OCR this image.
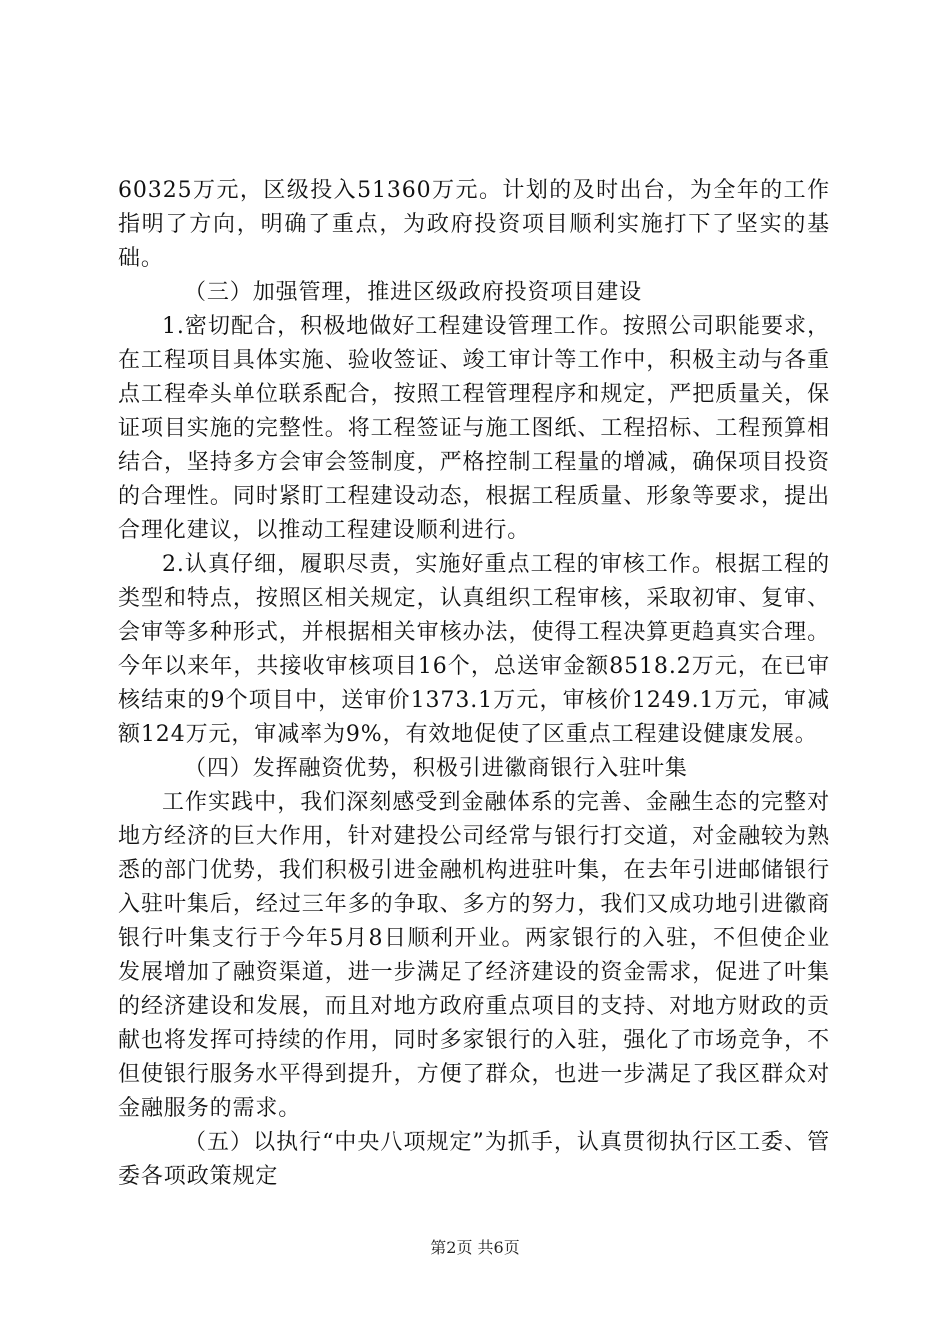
60325万元，区级投入51360万元。计划的及时出台，为全年的工作指明了方向，明确了重点，为政府投资项目顺利实施打下了坚实的基础。

（三）加强管理，推进区级政府投资项目建设

1.密切配合，积极地做好工程建设管理工作。按照公司职能要求，在工程项目具体实施、验收签证、竣工审计等工作中，积极主动与各重点工程牵头单位联系配合，按照工程管理程序和规定，严把质量关，保证项目实施的完整性。将工程签证与施工图纸、工程招标、工程预算相结合，坚持多方会审会签制度，严格控制工程量的增减，确保项目投资的合理性。同时紧盯工程建设动态，根据工程质量、形象等要求，提出合理化建议，以推动工程建设顺利进行。

2.认真仔细，履职尽责，实施好重点工程的审核工作。根据工程的类型和特点，按照区相关规定，认真组织工程审核，采取初审、复审、会审等多种形式，并根据相关审核办法，使得工程决算更趋真实合理。今年以来年，共接收审核项目16个，总送审金额8518.2万元，在已审核结束的9个项目中，送审价1373.1万元，审核价1249.1万元，审减额124万元，审减率为9%，有效地促使了区重点工程建设健康发展。

（四）发挥融资优势，积极引进徽商银行入驻叶集

工作实践中，我们深刻感受到金融体系的完善、金融生态的完整对地方经济的巨大作用，针对建投公司经常与银行打交道，对金融较为熟悉的部门优势，我们积极引进金融机构进驻叶集，在去年引进邮储银行入驻叶集后，经过三年多的争取、多方的努力，我们又成功地引进徽商银行叶集支行于今年5月8日顺利开业。两家银行的入驻，不但使企业发展增加了融资渠道，进一步满足了经济建设的资金需求，促进了叶集的经济建设和发展，而且对地方政府重点项目的支持、对地方财政的贡献也将发挥可持续的作用，同时多家银行的入驻，强化了市场竞争，不但使银行服务水平得到提升，方便了群众，也进一步满足了我区群众对金融服务的需求。

（五）以执行“中央八项规定”为抓手，认真贯彻执行区工委、管委各项政策规定

第2页 共6页
